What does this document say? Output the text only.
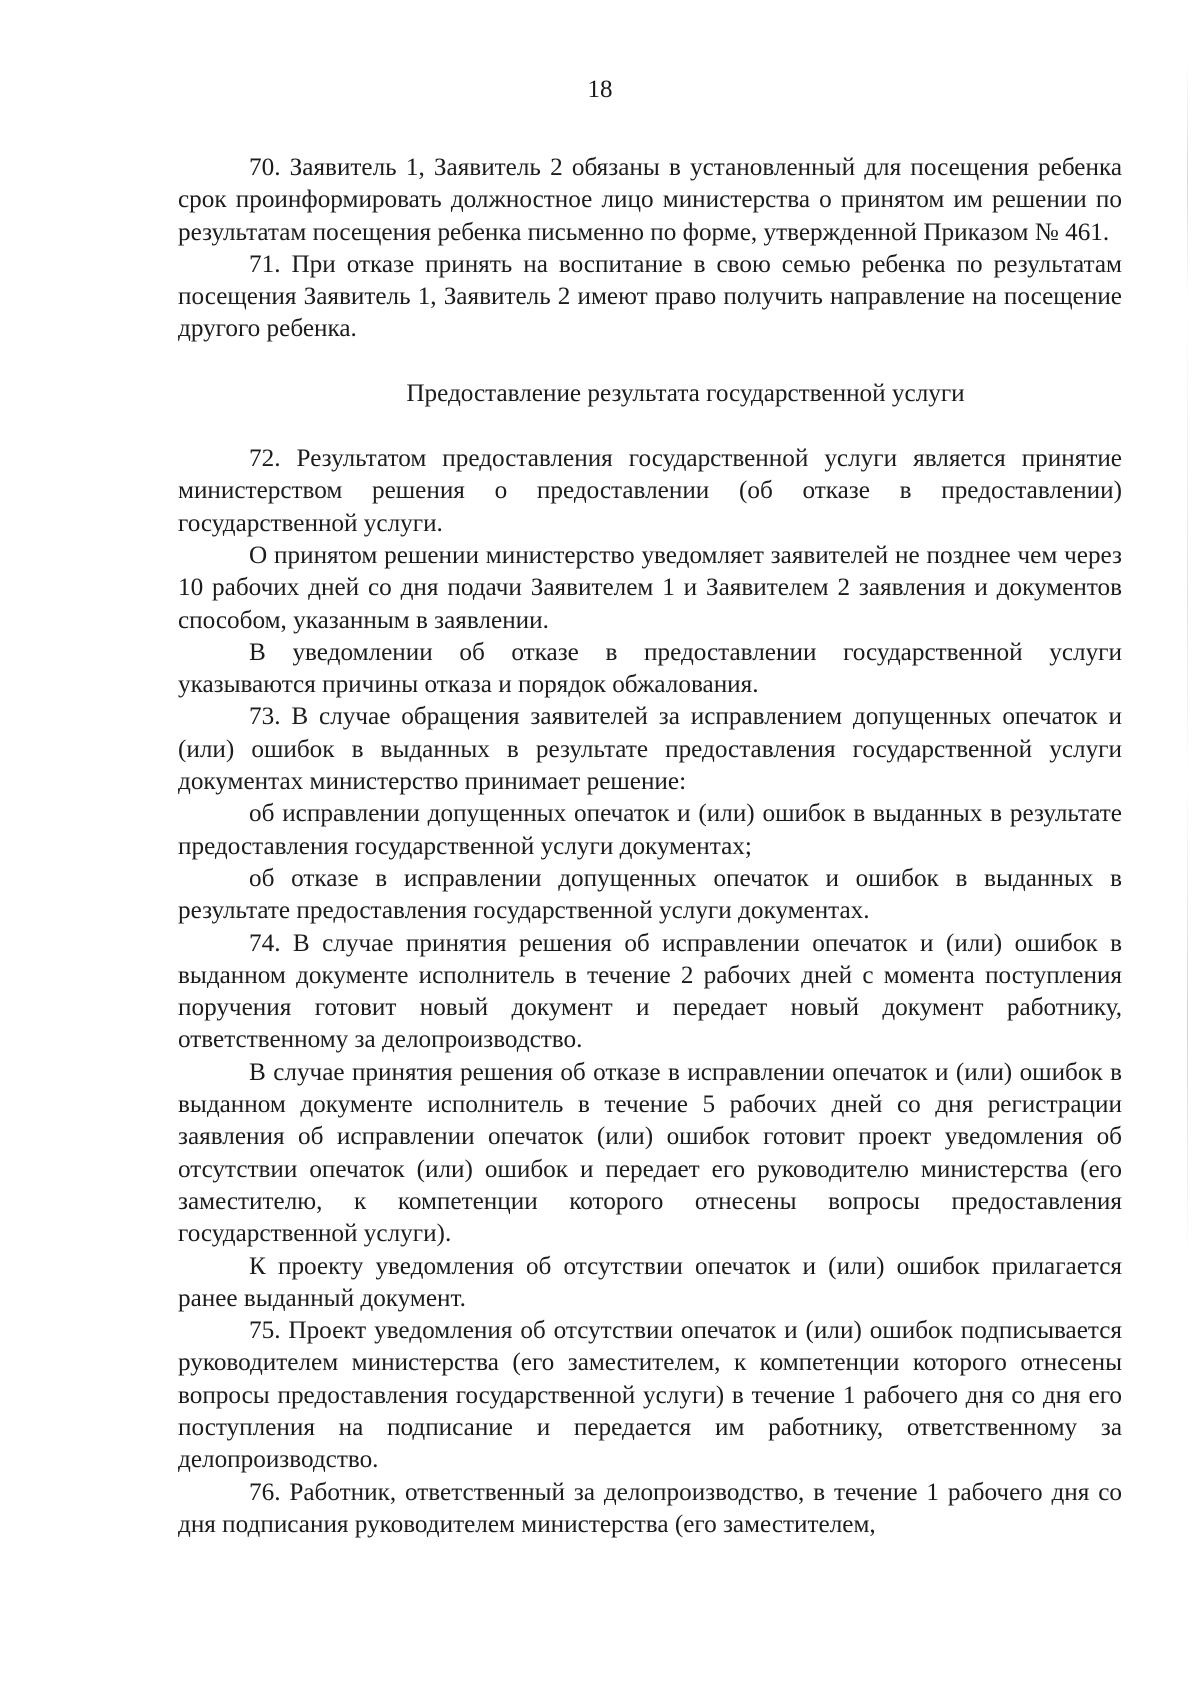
18

70. Заявитель 1, Заявитель 2 обязаны в установленный для посещения ребенка срок проинформировать должностное лицо министерства о принятом им решении по результатам посещения ребенка письменно по форме, утвержденной Приказом № 461.

71. При отказе принять на воспитание в свою семью ребенка по результатам посещения Заявитель 1, Заявитель 2 имеют право получить направление на посещение другого ребенка.

Предоставление результата государственной услуги

72. Результатом предоставления государственной услуги является принятие министерством решения о предоставлении (об отказе в предоставлении) государственной услуги.

О принятом решении министерство уведомляет заявителей не позднее чем через 10 рабочих дней со дня подачи Заявителем 1 и Заявителем 2 заявления и документов способом, указанным в заявлении.

В уведомлении об отказе в предоставлении государственной услуги указываются причины отказа и порядок обжалования.

73. В случае обращения заявителей за исправлением допущенных опечаток и (или) ошибок в выданных в результате предоставления государственной услуги документах министерство принимает решение:

об исправлении допущенных опечаток и (или) ошибок в выданных в результате предоставления государственной услуги документах;

об отказе в исправлении допущенных опечаток и ошибок в выданных в результате предоставления государственной услуги документах.

74. В случае принятия решения об исправлении опечаток и (или) ошибок в выданном документе исполнитель в течение 2 рабочих дней с момента поступления поручения готовит новый документ и передает новый документ работнику, ответственному за делопроизводство.

В случае принятия решения об отказе в исправлении опечаток и (или) ошибок в выданном документе исполнитель в течение 5 рабочих дней со дня регистрации заявления об исправлении опечаток (или) ошибок готовит проект уведомления об отсутствии опечаток (или) ошибок и передает его руководителю министерства (его заместителю, к компетенции которого отнесены вопросы предоставления государственной услуги).

К проекту уведомления об отсутствии опечаток и (или) ошибок прилагается ранее выданный документ.

75. Проект уведомления об отсутствии опечаток и (или) ошибок подписывается руководителем министерства (его заместителем, к компетенции которого отнесены вопросы предоставления государственной услуги) в течение 1 рабочего дня со дня его поступления на подписание и передается им работнику, ответственному за делопроизводство.

76. Работник, ответственный за делопроизводство, в течение 1 рабочего дня со дня подписания руководителем министерства (его заместителем,
